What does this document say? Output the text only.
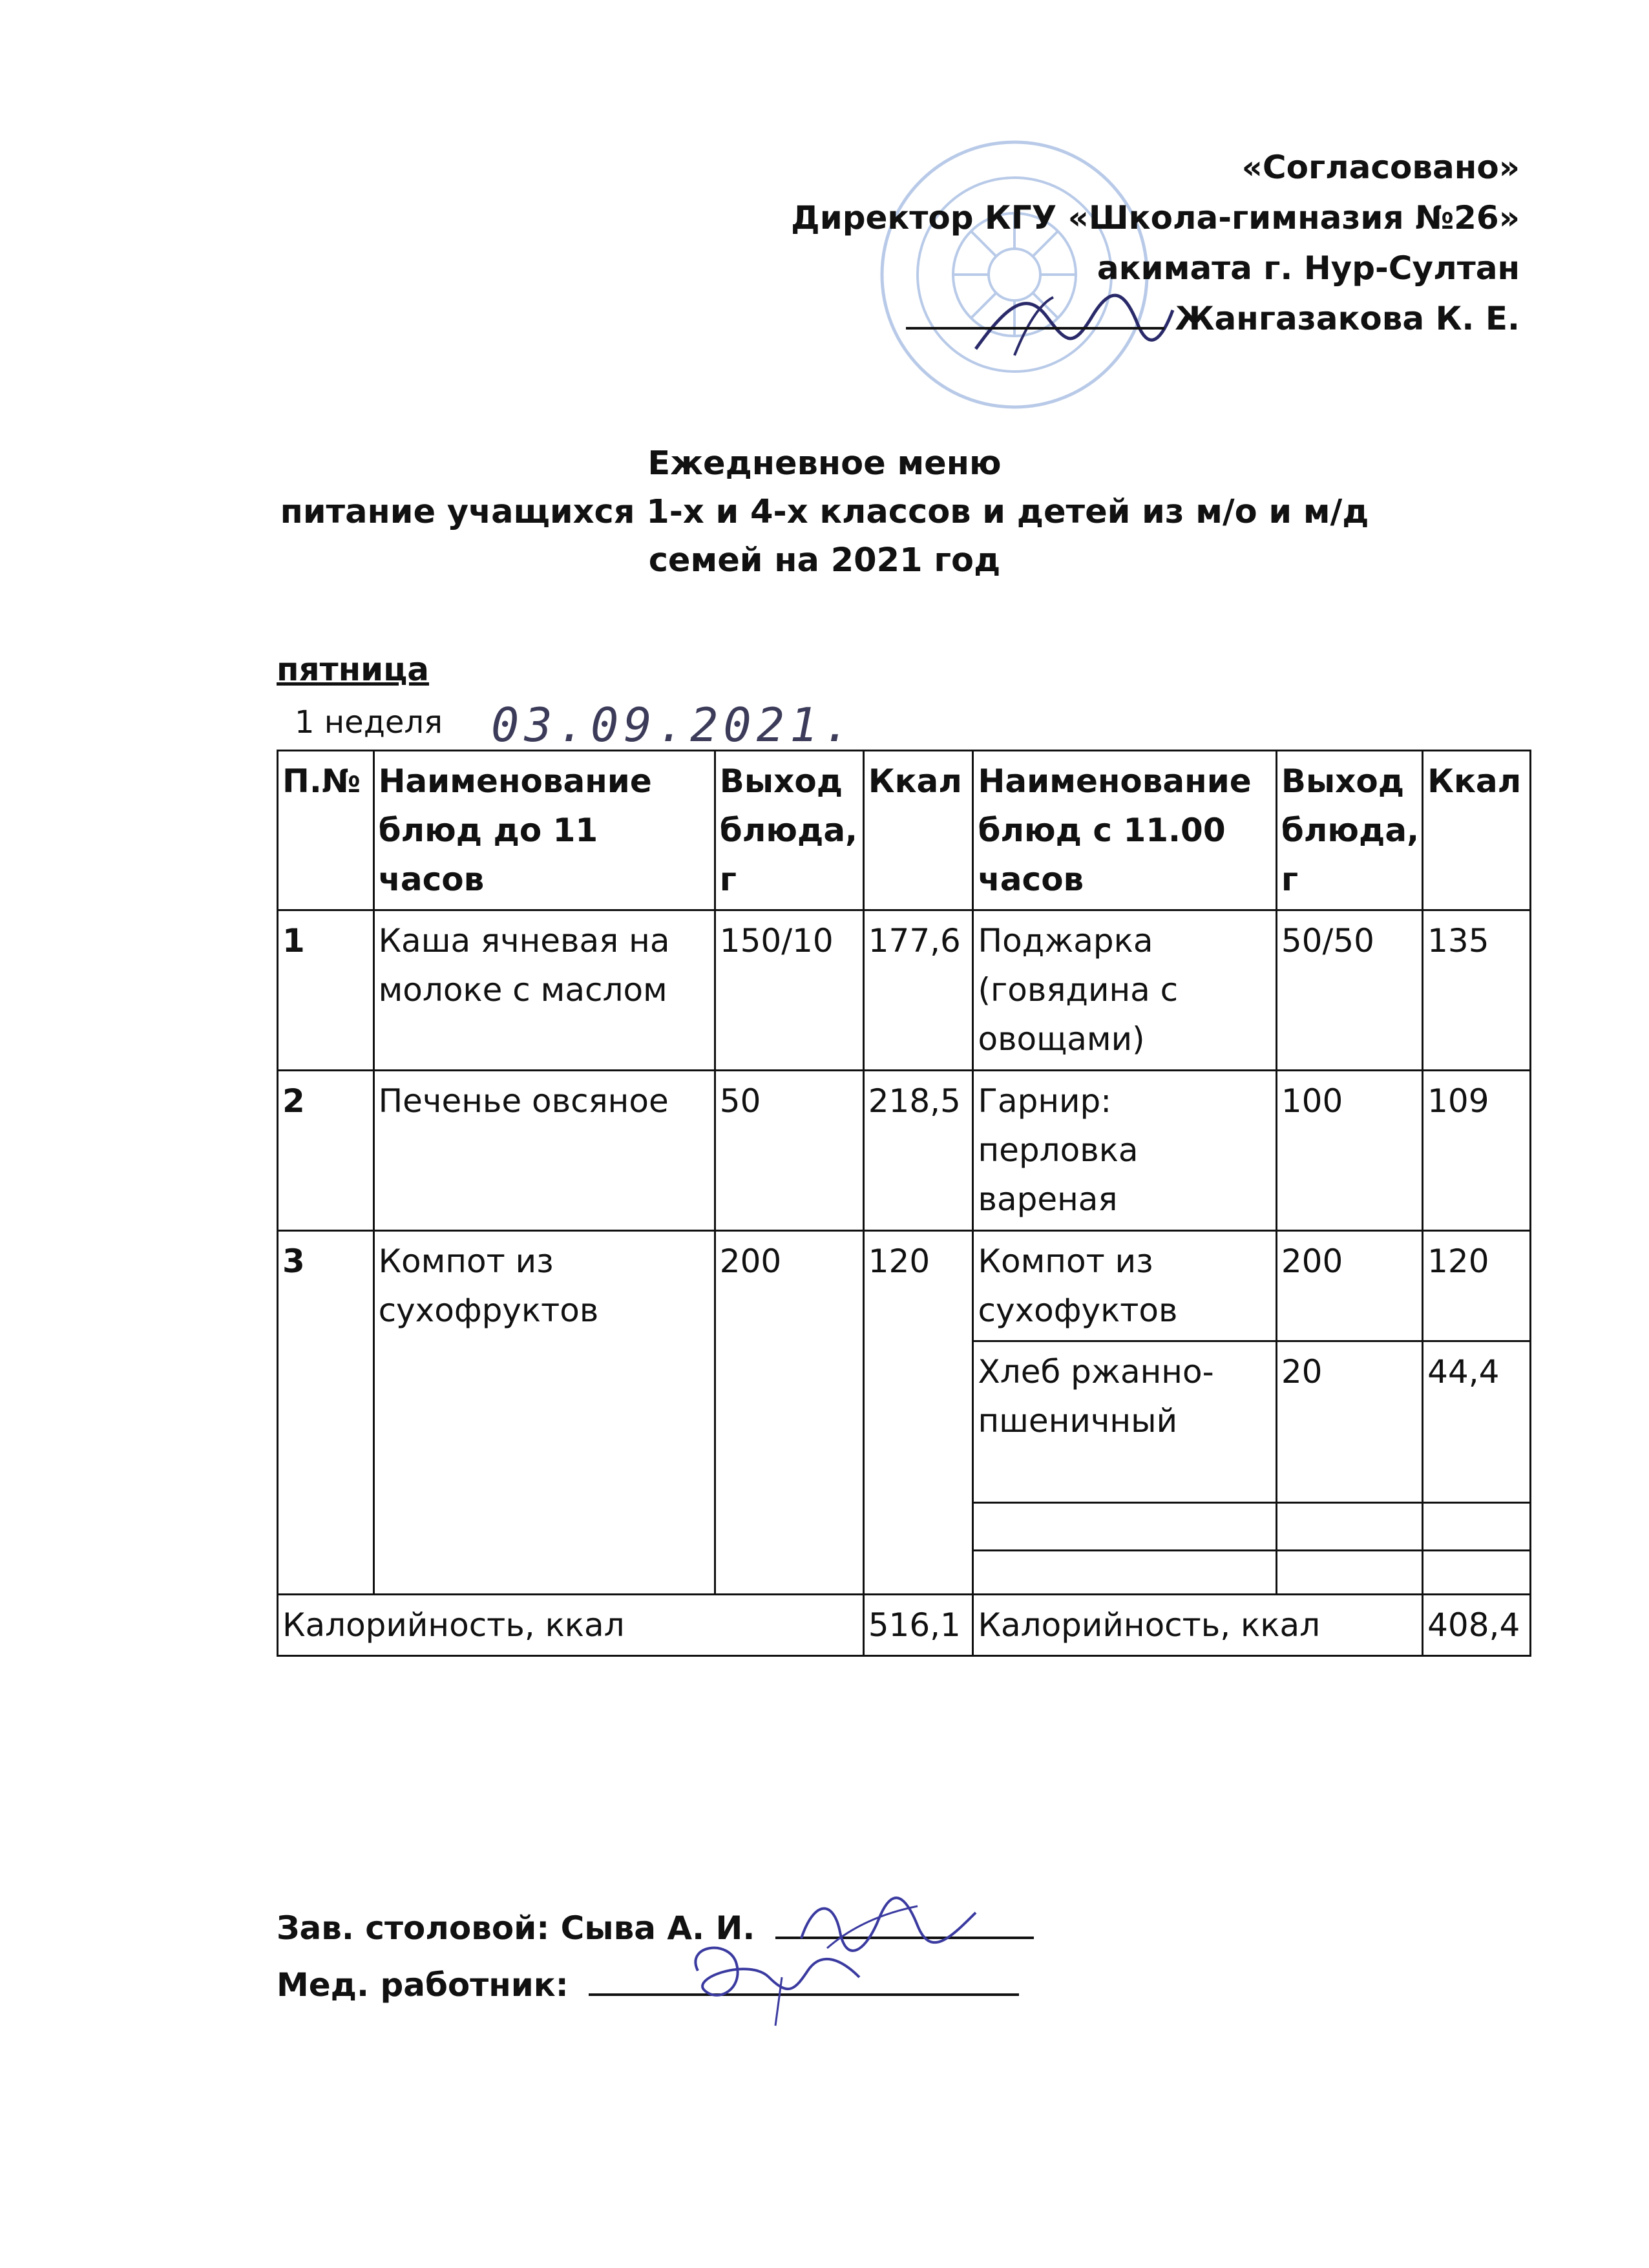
«Согласовано»
Директор КГУ «Школа-гимназия №26»
акимата г. Нур-Султан
Жангазакова К. Е.
Ежедневное меню
питание учащихся 1-х и 4-х классов и детей из м/о и м/д
семей на 2021 год
пятница
1 неделя 03.09.2021.
П.№	Наименование блюд до 11 часов	Выход блюда, г	Ккал	Наименование блюд с 11.00 часов	Выход блюда, г	Ккал
1	Каша ячневая на молоке с маслом	150/10	177,6	Поджарка (говядина с овощами)	50/50	135
2	Печенье овсяное	50	218,5	Гарнир: перловка вареная	100	109
3	Компот из сухофруктов	200	120	Компот из сухофуктов	200	120
				Хлеб ржанно-пшеничный	20	44,4

Калорийность, ккал			516,1	Калорийность, ккал		408,4
Зав. столовой: Сыва А. И.
Мед. работник:
